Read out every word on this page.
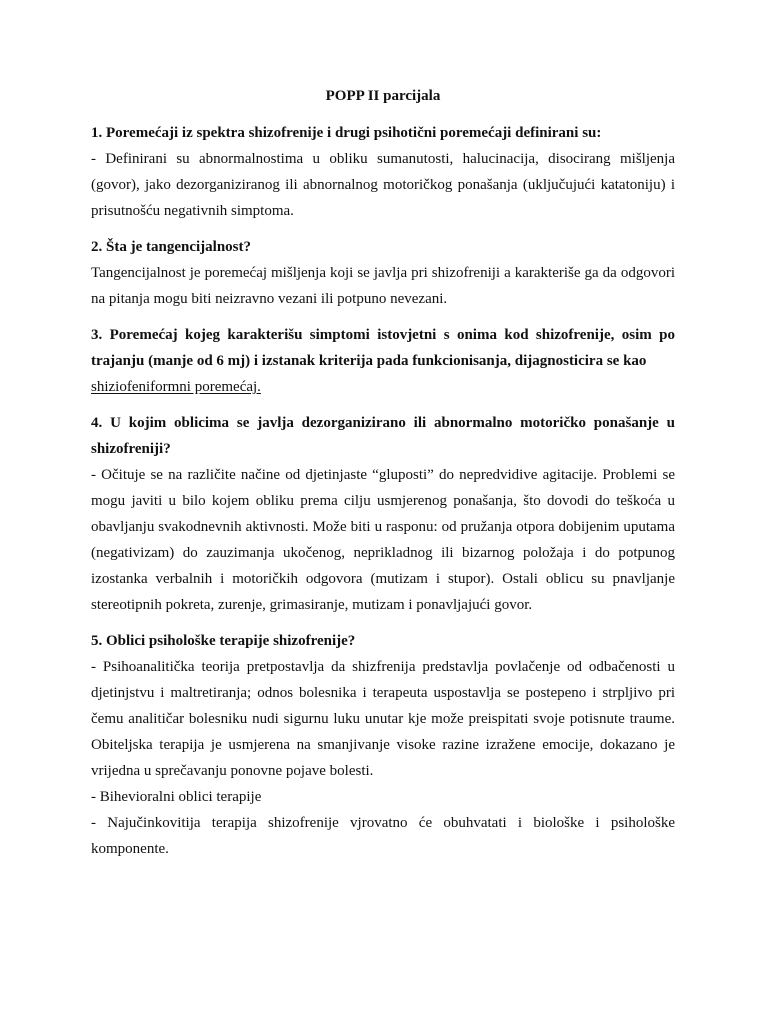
POPP II parcijala

1. Poremećaji iz spektra shizofrenije i drugi psihotični poremećaji definirani su:

- Definirani su abnormalnostima u obliku sumanutosti, halucinacija, disocirang mišljenja (govor), jako dezorganiziranog ili abnornalnog motoričkog ponašanja (uključujući katatoniju) i prisutnošću negativnih simptoma.

2. Šta je tangencijalnost?

Tangencijalnost je poremećaj mišljenja koji se javlja pri shizofreniji a karakteriše ga da odgovori na pitanja mogu biti neizravno vezani ili potpuno nevezani.

3. Poremećaj kojeg karakterišu simptomi istovjetni s onima kod shizofrenije, osim po trajanju (manje od 6 mj) i izstanak kriterija pada funkcionisanja, dijagnosticira se kao

shiziofeniformni poremećaj.

4. U kojim oblicima se javlja dezorganizirano ili abnormalno motoričko ponašanje u shizofreniji?

- Očituje se na različite načine od djetinjaste “gluposti” do nepredvidive agitacije. Problemi se mogu javiti u bilo kojem obliku prema cilju usmjerenog ponašanja, što dovodi do teškoća u obavljanju svakodnevnih aktivnosti. Može biti u rasponu: od pružanja otpora dobijenim uputama (negativizam) do zauzimanja ukočenog, neprikladnog ili bizarnog položaja i do potpunog izostanka verbalnih i motoričkih odgovora (mutizam i stupor). Ostali oblicu su pnavljanje stereotipnih pokreta, zurenje, grimasiranje, mutizam i ponavljajući govor.

5. Oblici psihološke terapije shizofrenije?

- Psihoanalitička teorija pretpostavlja da shizfrenija predstavlja povlačenje od odbačenosti u djetinjstvu i maltretiranja; odnos bolesnika i terapeuta uspostavlja se postepeno i strpljivo pri čemu analitičar bolesniku nudi sigurnu luku unutar kje može preispitati svoje potisnute traume. Obiteljska terapija je usmjerena na smanjivanje visoke razine izražene emocije, dokazano je vrijedna u sprečavanju ponovne pojave bolesti.

- Bihevioralni oblici terapije

- Najučinkovitija terapija shizofrenije vjrovatno će obuhvatati i biološke i psihološke komponente.
